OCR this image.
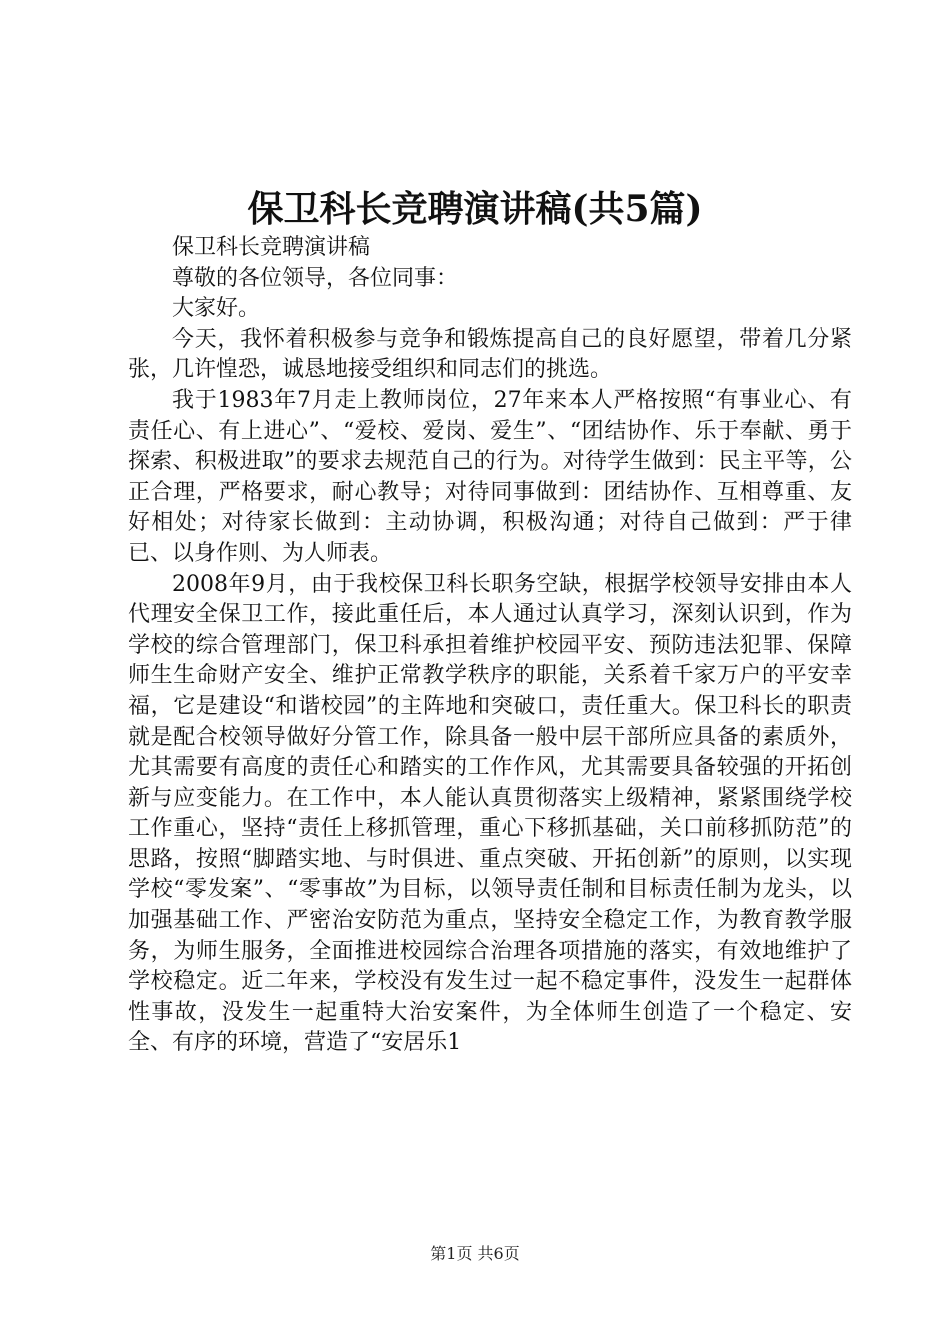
保卫科长竞聘演讲稿(共5篇)

保卫科长竞聘演讲稿

尊敬的各位领导，各位同事：

大家好。

今天，我怀着积极参与竞争和锻炼提高自己的良好愿望，带着几分紧张，几许惶恐，诚恳地接受组织和同志们的挑选。

我于1983年7月走上教师岗位，27年来本人严格按照“有事业心、有责任心、有上进心”、“爱校、爱岗、爱生”、“团结协作、乐于奉献、勇于探索、积极进取”的要求去规范自己的行为。对待学生做到：民主平等，公正合理，严格要求，耐心教导；对待同事做到：团结协作、互相尊重、友好相处；对待家长做到：主动协调，积极沟通；对待自己做到：严于律已、以身作则、为人师表。

2008年9月，由于我校保卫科长职务空缺，根据学校领导安排由本人代理安全保卫工作，接此重任后，本人通过认真学习，深刻认识到，作为学校的综合管理部门，保卫科承担着维护校园平安、预防违法犯罪、保障师生生命财产安全、维护正常教学秩序的职能，关系着千家万户的平安幸福，它是建设“和谐校园”的主阵地和突破口，责任重大。保卫科长的职责就是配合校领导做好分管工作，除具备一般中层干部所应具备的素质外，尤其需要有高度的责任心和踏实的工作作风，尤其需要具备较强的开拓创新与应变能力。在工作中，本人能认真贯彻落实上级精神，紧紧围绕学校工作重心，坚持“责任上移抓管理，重心下移抓基础，关口前移抓防范”的思路，按照“脚踏实地、与时俱进、重点突破、开拓创新”的原则，以实现学校“零发案”、“零事故”为目标，以领导责任制和目标责任制为龙头，以加强基础工作、严密治安防范为重点，坚持安全稳定工作，为教育教学服务，为师生服务，全面推进校园综合治理各项措施的落实，有效地维护了学校稳定。近二年来，学校没有发生过一起不稳定事件，没发生一起群体性事故，没发生一起重特大治安案件，为全体师生创造了一个稳定、安全、有序的环境，营造了“安居乐1

第1页 共6页
